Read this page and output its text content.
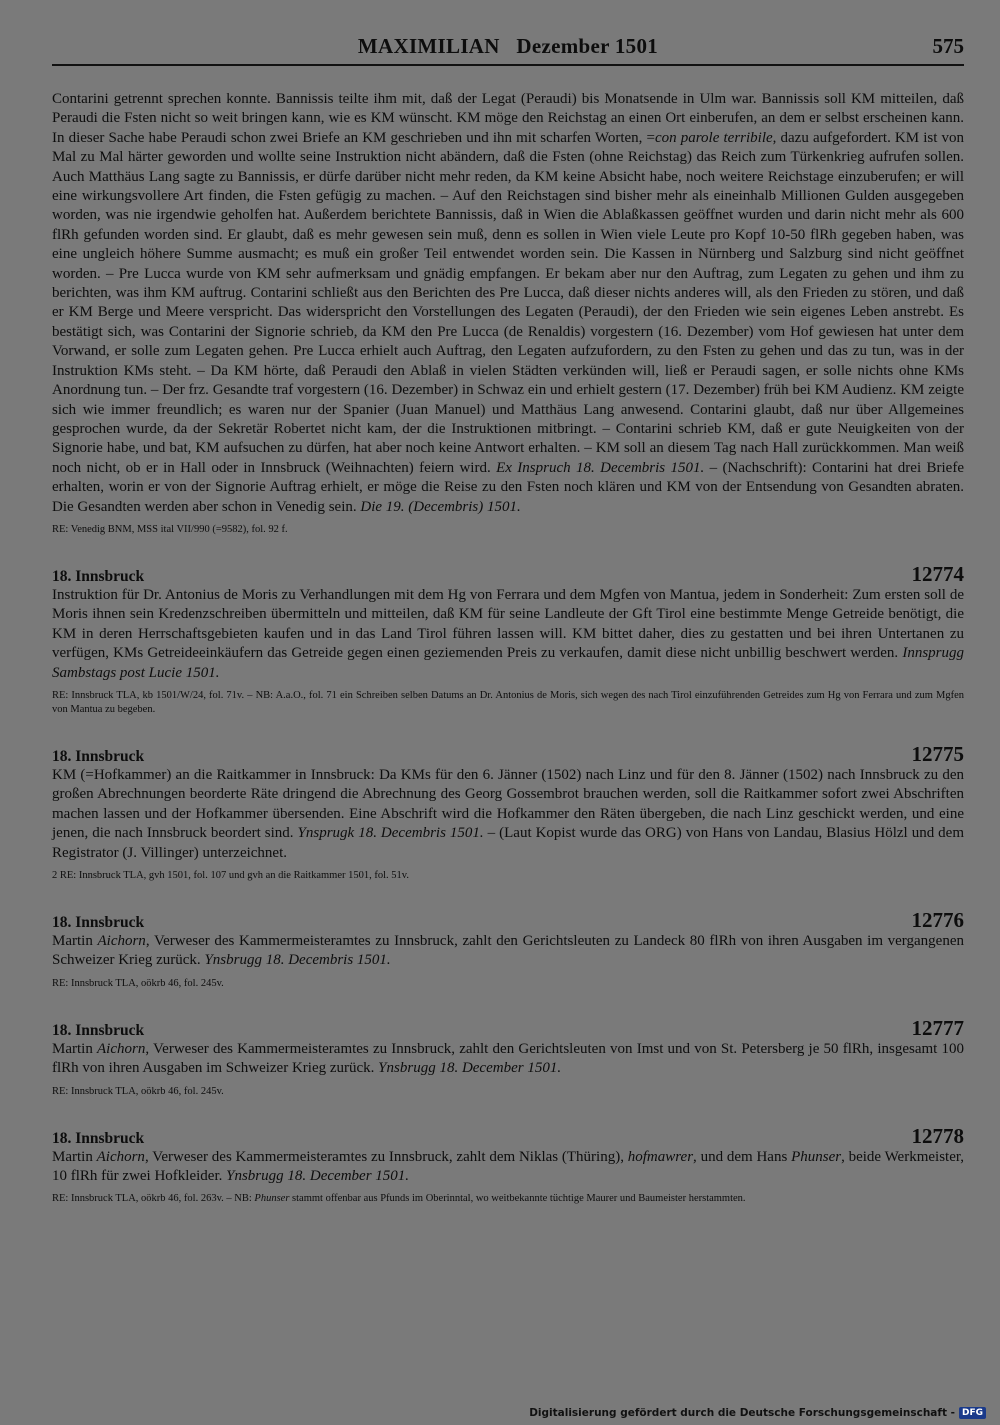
MAXIMILIAN   Dezember 1501	575

Contarini getrennt sprechen konnte. Bannissis teilte ihm mit, daß der Legat (Peraudi) bis Monatsende in Ulm war. Bannissis soll KM mitteilen, daß Peraudi die Fsten nicht so weit bringen kann, wie es KM wünscht. KM möge den Reichstag an einen Ort einberufen, an dem er selbst erscheinen kann. In dieser Sache habe Peraudi schon zwei Briefe an KM geschrieben und ihn mit scharfen Worten, =con parole terribile, dazu aufgefordert. KM ist von Mal zu Mal härter geworden und wollte seine Instruktion nicht abändern, daß die Fsten (ohne Reichstag) das Reich zum Türkenkrieg aufrufen sollen. Auch Matthäus Lang sagte zu Bannissis, er dürfe darüber nicht mehr reden, da KM keine Absicht habe, noch weitere Reichstage einzuberufen; er will eine wirkungsvollere Art finden, die Fsten gefügig zu machen. – Auf den Reichstagen sind bisher mehr als eineinhalb Millionen Gulden ausgegeben worden, was nie irgendwie geholfen hat. Außerdem berichtete Bannissis, daß in Wien die Ablaßkassen geöffnet wurden und darin nicht mehr als 600 flRh gefunden worden sind. Er glaubt, daß es mehr gewesen sein muß, denn es sollen in Wien viele Leute pro Kopf 10-50 flRh gegeben haben, was eine ungleich höhere Summe ausmacht; es muß ein großer Teil entwendet worden sein. Die Kassen in Nürnberg und Salzburg sind nicht geöffnet worden. – Pre Lucca wurde von KM sehr aufmerksam und gnädig empfangen. Er bekam aber nur den Auftrag, zum Legaten zu gehen und ihm zu berichten, was ihm KM auftrug. Contarini schließt aus den Berichten des Pre Lucca, daß dieser nichts anderes will, als den Frieden zu stören, und daß er KM Berge und Meere verspricht. Das widerspricht den Vorstellungen des Legaten (Peraudi), der den Frieden wie sein eigenes Leben anstrebt. Es bestätigt sich, was Contarini der Signorie schrieb, da KM den Pre Lucca (de Renaldis) vorgestern (16. Dezember) vom Hof gewiesen hat unter dem Vorwand, er solle zum Legaten gehen. Pre Lucca erhielt auch Auftrag, den Legaten aufzufordern, zu den Fsten zu gehen und das zu tun, was in der Instruktion KMs steht. – Da KM hörte, daß Peraudi den Ablaß in vielen Städten verkünden will, ließ er Peraudi sagen, er solle nichts ohne KMs Anordnung tun. – Der frz. Gesandte traf vorgestern (16. Dezember) in Schwaz ein und erhielt gestern (17. Dezember) früh bei KM Audienz. KM zeigte sich wie immer freundlich; es waren nur der Spanier (Juan Manuel) und Matthäus Lang anwesend. Contarini glaubt, daß nur über Allgemeines gesprochen wurde, da der Sekretär Robertet nicht kam, der die Instruktionen mitbringt. – Contarini schrieb KM, daß er gute Neuigkeiten von der Signorie habe, und bat, KM aufsuchen zu dürfen, hat aber noch keine Antwort erhalten. – KM soll an diesem Tag nach Hall zurückkommen. Man weiß noch nicht, ob er in Hall oder in Innsbruck (Weihnachten) feiern wird. Ex Inspruch 18. Decembris 1501. – (Nachschrift): Contarini hat drei Briefe erhalten, worin er von der Signorie Auftrag erhielt, er möge die Reise zu den Fsten noch klären und KM von der Entsendung von Gesandten abraten. Die Gesandten werden aber schon in Venedig sein. Die 19. (Decembris) 1501.

RE: Venedig BNM, MSS ital VII/990 (=9582), fol. 92 f.

18. Innsbruck	12774

Instruktion für Dr. Antonius de Moris zu Verhandlungen mit dem Hg von Ferrara und dem Mgfen von Mantua, jedem in Sonderheit: Zum ersten soll de Moris ihnen sein Kredenzschreiben übermitteln und mitteilen, daß KM für seine Landleute der Gft Tirol eine bestimmte Menge Getreide benötigt, die KM in deren Herrschaftsgebieten kaufen und in das Land Tirol führen lassen will. KM bittet daher, dies zu gestatten und bei ihren Untertanen zu verfügen, KMs Getreideeinkäufern das Getreide gegen einen geziemenden Preis zu verkaufen, damit diese nicht unbillig beschwert werden. Innsprugg Sambstags post Lucie 1501.

RE: Innsbruck TLA, kb 1501/W/24, fol. 71v. – NB: A.a.O., fol. 71 ein Schreiben selben Datums an Dr. Antonius de Moris, sich wegen des nach Tirol einzuführenden Getreides zum Hg von Ferrara und zum Mgfen von Mantua zu begeben.

18. Innsbruck	12775

KM (=Hofkammer) an die Raitkammer in Innsbruck: Da KMs für den 6. Jänner (1502) nach Linz und für den 8. Jänner (1502) nach Innsbruck zu den großen Abrechnungen beorderte Räte dringend die Abrechnung des Georg Gossembrot brauchen werden, soll die Raitkammer sofort zwei Abschriften machen lassen und der Hofkammer übersenden. Eine Abschrift wird die Hofkammer den Räten übergeben, die nach Linz geschickt werden, und eine jenen, die nach Innsbruck beordert sind. Ynsprugk 18. Decembris 1501. – (Laut Kopist wurde das ORG) von Hans von Landau, Blasius Hölzl und dem Registrator (J. Villinger) unterzeichnet.

2 RE: Innsbruck TLA, gvh 1501, fol. 107 und gvh an die Raitkammer 1501, fol. 51v.

18. Innsbruck	12776

Martin Aichorn, Verweser des Kammermeisteramtes zu Innsbruck, zahlt den Gerichtsleuten zu Landeck 80 flRh von ihren Ausgaben im vergangenen Schweizer Krieg zurück. Ynsbrugg 18. Decembris 1501.

RE: Innsbruck TLA, oökrb 46, fol. 245v.

18. Innsbruck	12777

Martin Aichorn, Verweser des Kammermeisteramtes zu Innsbruck, zahlt den Gerichtsleuten von Imst und von St. Petersberg je 50 flRh, insgesamt 100 flRh von ihren Ausgaben im Schweizer Krieg zurück. Ynsbrugg 18. December 1501.

RE: Innsbruck TLA, oökrb 46, fol. 245v.

18. Innsbruck	12778

Martin Aichorn, Verweser des Kammermeisteramtes zu Innsbruck, zahlt dem Niklas (Thüring), hofmawrer, und dem Hans Phunser, beide Werkmeister, 10 flRh für zwei Hofkleider. Ynsbrugg 18. December 1501.

RE: Innsbruck TLA, oökrb 46, fol. 263v. – NB: Phunser stammt offenbar aus Pfunds im Oberinntal, wo weitbekannte tüchtige Maurer und Baumeister herstammten.

Digitalisierung gefördert durch die Deutsche Forschungsgemeinschaft - DFG
